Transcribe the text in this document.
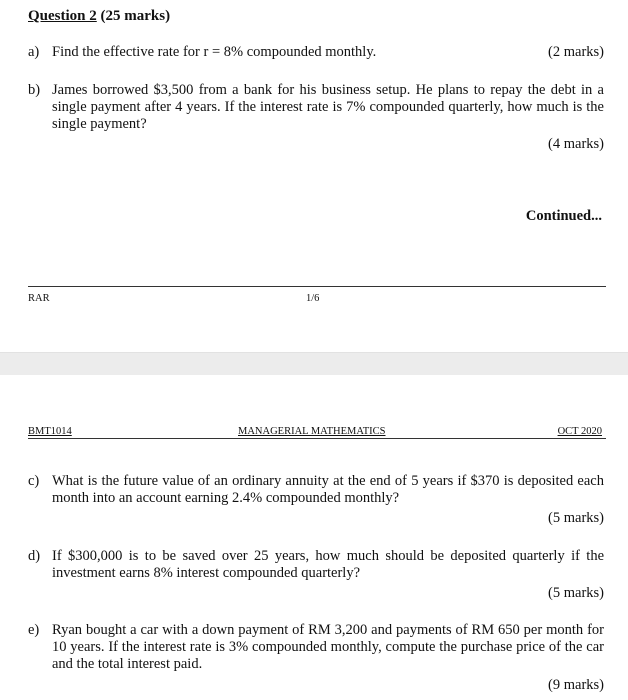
Question 2 (25 marks)
a) Find the effective rate for r = 8% compounded monthly.	(2 marks)
b) James borrowed $3,500 from a bank for his business setup. He plans to repay the debt in a single payment after 4 years. If the interest rate is 7% compounded quarterly, how much is the single payment?
(4 marks)
Continued...
RAR	1/6
BMT1014	MANAGERIAL MATHEMATICS	OCT 2020
c) What is the future value of an ordinary annuity at the end of 5 years if $370 is deposited each month into an account earning 2.4% compounded monthly?
(5 marks)
d) If $300,000 is to be saved over 25 years, how much should be deposited quarterly if the investment earns 8% interest compounded quarterly?
(5 marks)
e) Ryan bought a car with a down payment of RM 3,200 and payments of RM 650 per month for 10 years. If the interest rate is 3% compounded monthly, compute the purchase price of the car and the total interest paid.
(9 marks)
